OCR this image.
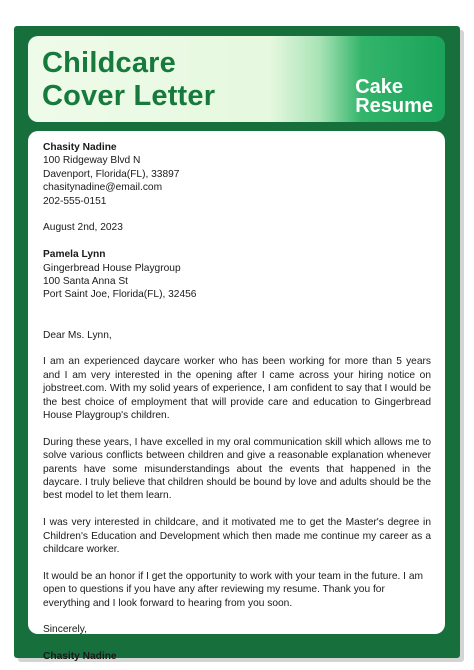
Childcare
Cover Letter	Cake
Resume
Chasity Nadine
100 Ridgeway Blvd N
Davenport, Florida(FL), 33897
chasitynadine@email.com
202-555-0151
August 2nd, 2023
Pamela Lynn
Gingerbread House Playgroup
100 Santa Anna St
Port Saint Joe, Florida(FL), 32456
Dear Ms. Lynn,

I am an experienced daycare worker who has been working for more than 5 years and I am very interested in the opening after I came across your hiring notice on jobstreet.com. With my solid years of experience, I am confident to say that I would be the best choice of employment that will provide care and education to Gingerbread House Playgroup's children.

During these years, I have excelled in my oral communication skill which allows me to solve various conflicts between children and give a reasonable explanation whenever parents have some misunderstandings about the events that happened in the daycare. I truly believe that children should be bound by love and adults should be the best model to let them learn.

I was very interested in childcare, and it motivated me to get the Master's degree in Children's Education and Development which then made me continue my career as a childcare worker.

It would be an honor if I get the opportunity to work with your team in the future. I am open to questions if you have any after reviewing my resume. Thank you for everything and I look forward to hearing from you soon.

Sincerely,
Chasity Nadine
